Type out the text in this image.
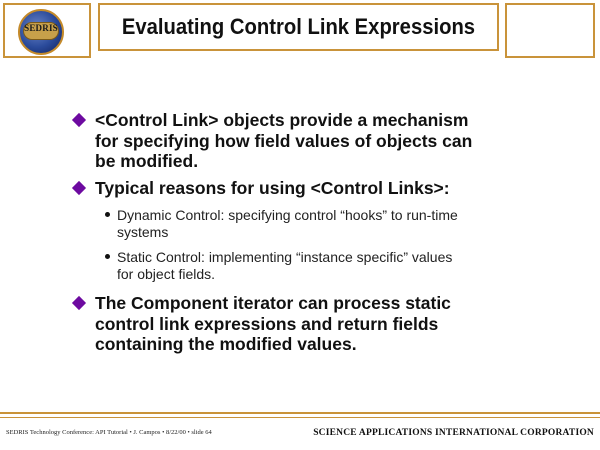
SEDRIS	Evaluating Control Link Expressions
<Control Link> objects provide a mechanism
for specifying how field values of objects can
be modified.
Typical reasons for using <Control Links>:
Dynamic Control: specifying control “hooks” to run-time
systems
Static Control: implementing “instance specific” values
for object fields.
The Component iterator can process static
control link expressions and return fields
containing the modified values.
SEDRIS Technology Conference: API Tutorial • J. Campos • 8/22/00 • slide 64	SCIENCE APPLICATIONS INTERNATIONAL CORPORATION
